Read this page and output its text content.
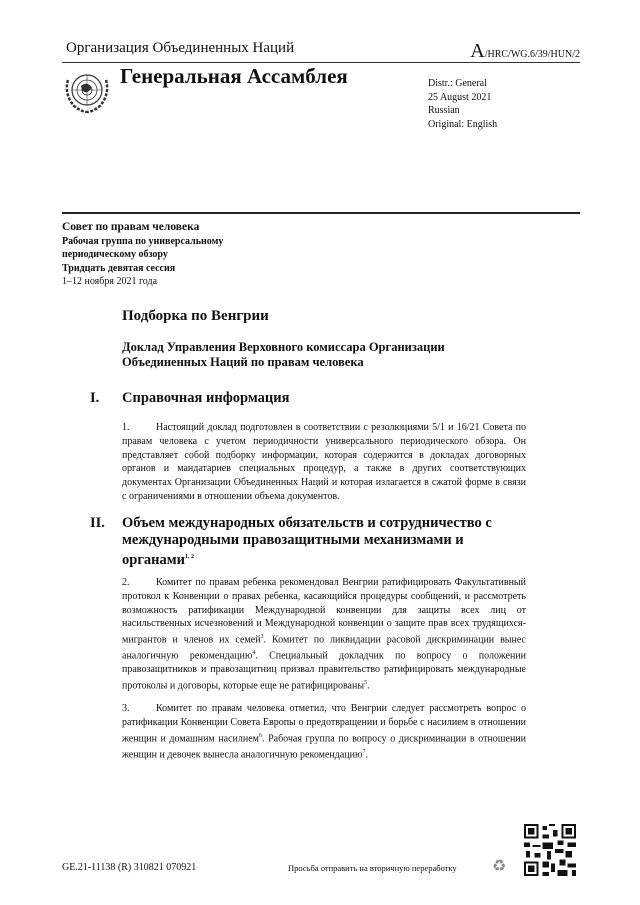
Организация Объединенных Наций	A/HRC/WG.6/39/HUN/2
Генеральная Ассамблея	Distr.: General
25 August 2021
Russian
Original: English
Совет по правам человека
Рабочая группа по универсальному
периодическому обзору
Тридцать девятая сессия
1–12 ноября 2021 года
Подборка по Венгрии
Доклад Управления Верховного комиссара Организации Объединенных Наций по правам человека
I. Справочная информация
1.	Настоящий доклад подготовлен в соответствии с резолюциями 5/1 и 16/21 Совета по правам человека с учетом периодичности универсального периодического обзора. Он представляет собой подборку информации, которая содержится в докладах договорных органов и мандатариев специальных процедур, а также в других соответствующих документах Организации Объединенных Наций и которая излагается в сжатой форме в связи с ограничениями в отношении объема документов.
II. Объем международных обязательств и сотрудничество с международными правозащитными механизмами и органами$^{1, 2}$
2.	Комитет по правам ребенка рекомендовал Венгрии ратифицировать Факультативный протокол к Конвенции о правах ребенка, касающийся процедуры сообщений, и рассмотреть возможность ратификации Международной конвенции для защиты всех лиц от насильственных исчезновений и Международной конвенции о защите прав всех трудящихся-мигрантов и членов их семей$^3$. Комитет по ликвидации расовой дискриминации вынес аналогичную рекомендацию$^4$. Специальный докладчик по вопросу о положении правозащитников и правозащитниц призвал правительство ратифицировать международные протоколы и договоры, которые еще не ратифицированы$^5$.
3.	Комитет по правам человека отметил, что Венгрии следует рассмотреть вопрос о ратификации Конвенции Совета Европы о предотвращении и борьбе с насилием в отношении женщин и домашним насилием$^6$. Рабочая группа по вопросу о дискриминации в отношении женщин и девочек вынесла аналогичную рекомендацию$^7$.
GE.21-11138 (R) 310821 070921	Просьба отправить на вторичную переработку ♻
